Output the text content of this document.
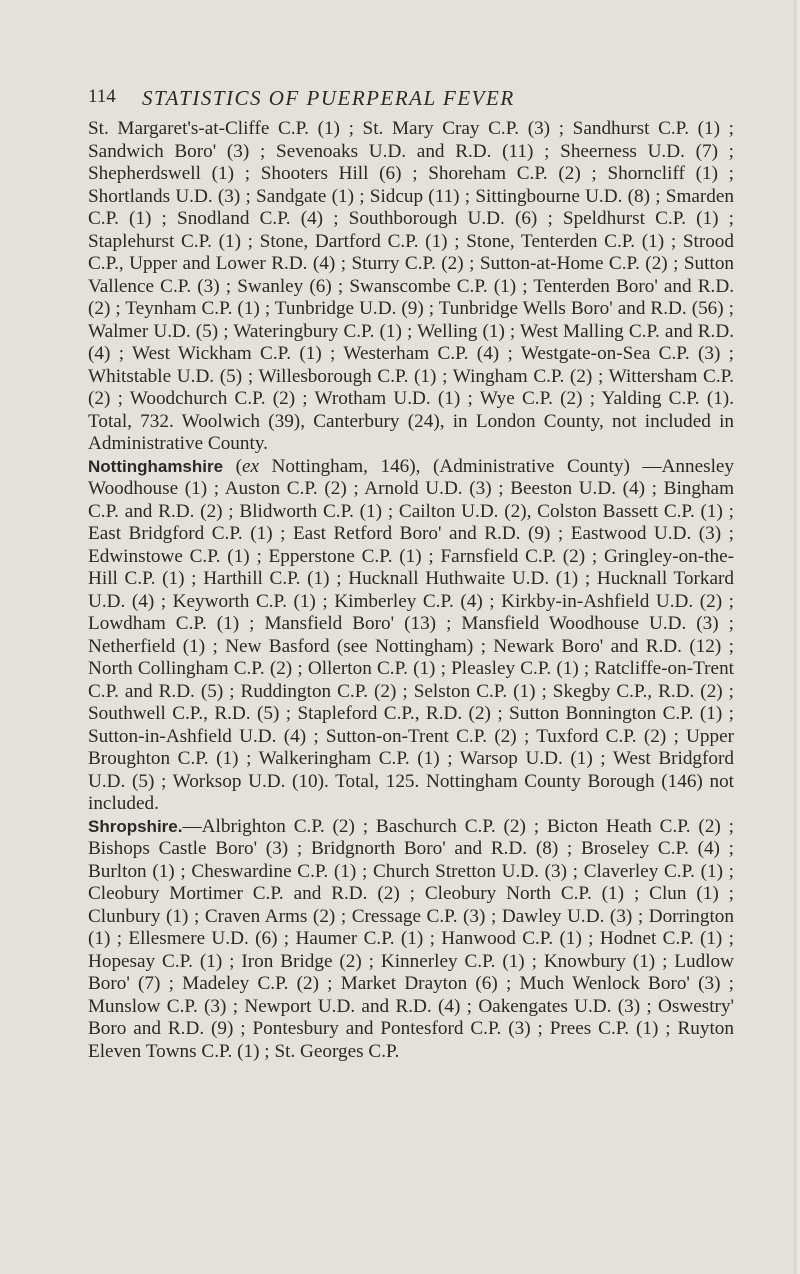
114 STATISTICS OF PUERPERAL FEVER

St. Margaret's-at-Cliffe C.P. (1) ; St. Mary Cray C.P. (3) ; Sandhurst C.P. (1) ; Sandwich Boro' (3) ; Sevenoaks U.D. and R.D. (11) ; Sheerness U.D. (7) ; Shepherdswell (1) ; Shooters Hill (6) ; Shoreham C.P. (2) ; Shorncliff (1) ; Shortlands U.D. (3) ; Sandgate (1) ; Sidcup (11) ; Sittingbourne U.D. (8) ; Smarden C.P. (1) ; Snodland C.P. (4) ; Southborough U.D. (6) ; Speldhurst C.P. (1) ; Staplehurst C.P. (1) ; Stone, Dartford C.P. (1) ; Stone, Tenterden C.P. (1) ; Strood C.P., Upper and Lower R.D. (4) ; Sturry C.P. (2) ; Sutton-at-Home C.P. (2) ; Sutton Vallence C.P. (3) ; Swanley (6) ; Swanscombe C.P. (1) ; Tenterden Boro' and R.D. (2) ; Teynham C.P. (1) ; Tunbridge U.D. (9) ; Tunbridge Wells Boro' and R.D. (56) ; Walmer U.D. (5) ; Wateringbury C.P. (1) ; Welling (1) ; West Malling C.P. and R.D. (4) ; West Wickham C.P. (1) ; Westerham C.P. (4) ; Westgate-on-Sea C.P. (3) ; Whitstable U.D. (5) ; Willesborough C.P. (1) ; Wingham C.P. (2) ; Wittersham C.P. (2) ; Woodchurch C.P. (2) ; Wrotham U.D. (1) ; Wye C.P. (2) ; Yalding C.P. (1). Total, 732. Woolwich (39), Canterbury (24), in London County, not included in Administrative County.

Nottinghamshire (ex Nottingham, 146), (Administrative County) —Annesley Woodhouse (1) ; Auston C.P. (2) ; Arnold U.D. (3) ; Beeston U.D. (4) ; Bingham C.P. and R.D. (2) ; Blidworth C.P. (1) ; Cailton U.D. (2), Colston Bassett C.P. (1) ; East Bridgford C.P. (1) ; East Retford Boro' and R.D. (9) ; Eastwood U.D. (3) ; Edwinstowe C.P. (1) ; Epperstone C.P. (1) ; Farnsfield C.P. (2) ; Gringley-on-the-Hill C.P. (1) ; Harthill C.P. (1) ; Hucknall Huthwaite U.D. (1) ; Hucknall Torkard U.D. (4) ; Keyworth C.P. (1) ; Kimberley C.P. (4) ; Kirkby-in-Ashfield U.D. (2) ; Lowdham C.P. (1) ; Mansfield Boro' (13) ; Mansfield Woodhouse U.D. (3) ; Netherfield (1) ; New Basford (see Nottingham) ; Newark Boro' and R.D. (12) ; North Collingham C.P. (2) ; Ollerton C.P. (1) ; Pleasley C.P. (1) ; Ratcliffe-on-Trent C.P. and R.D. (5) ; Ruddington C.P. (2) ; Selston C.P. (1) ; Skegby C.P., R.D. (2) ; Southwell C.P., R.D. (5) ; Stapleford C.P., R.D. (2) ; Sutton Bonnington C.P. (1) ; Sutton-in-Ashfield U.D. (4) ; Sutton-on-Trent C.P. (2) ; Tuxford C.P. (2) ; Upper Broughton C.P. (1) ; Walkeringham C.P. (1) ; Warsop U.D. (1) ; West Bridgford U.D. (5) ; Worksop U.D. (10). Total, 125. Nottingham County Borough (146) not included.

Shropshire.—Albrighton C.P. (2) ; Baschurch C.P. (2) ; Bicton Heath C.P. (2) ; Bishops Castle Boro' (3) ; Bridgnorth Boro' and R.D. (8) ; Broseley C.P. (4) ; Burlton (1) ; Cheswardine C.P. (1) ; Church Stretton U.D. (3) ; Claverley C.P. (1) ; Cleobury Mortimer C.P. and R.D. (2) ; Cleobury North C.P. (1) ; Clun (1) ; Clunbury (1) ; Craven Arms (2) ; Cressage C.P. (3) ; Dawley U.D. (3) ; Dorrington (1) ; Ellesmere U.D. (6) ; Haumer C.P. (1) ; Hanwood C.P. (1) ; Hodnet C.P. (1) ; Hopesay C.P. (1) ; Iron Bridge (2) ; Kinnerley C.P. (1) ; Knowbury (1) ; Ludlow Boro' (7) ; Madeley C.P. (2) ; Market Drayton (6) ; Much Wenlock Boro' (3) ; Munslow C.P. (3) ; Newport U.D. and R.D. (4) ; Oakengates U.D. (3) ; Oswestry' Boro and R.D. (9) ; Pontesbury and Pontesford C.P. (3) ; Prees C.P. (1) ; Ruyton Eleven Towns C.P. (1) ; St. Georges C.P.
